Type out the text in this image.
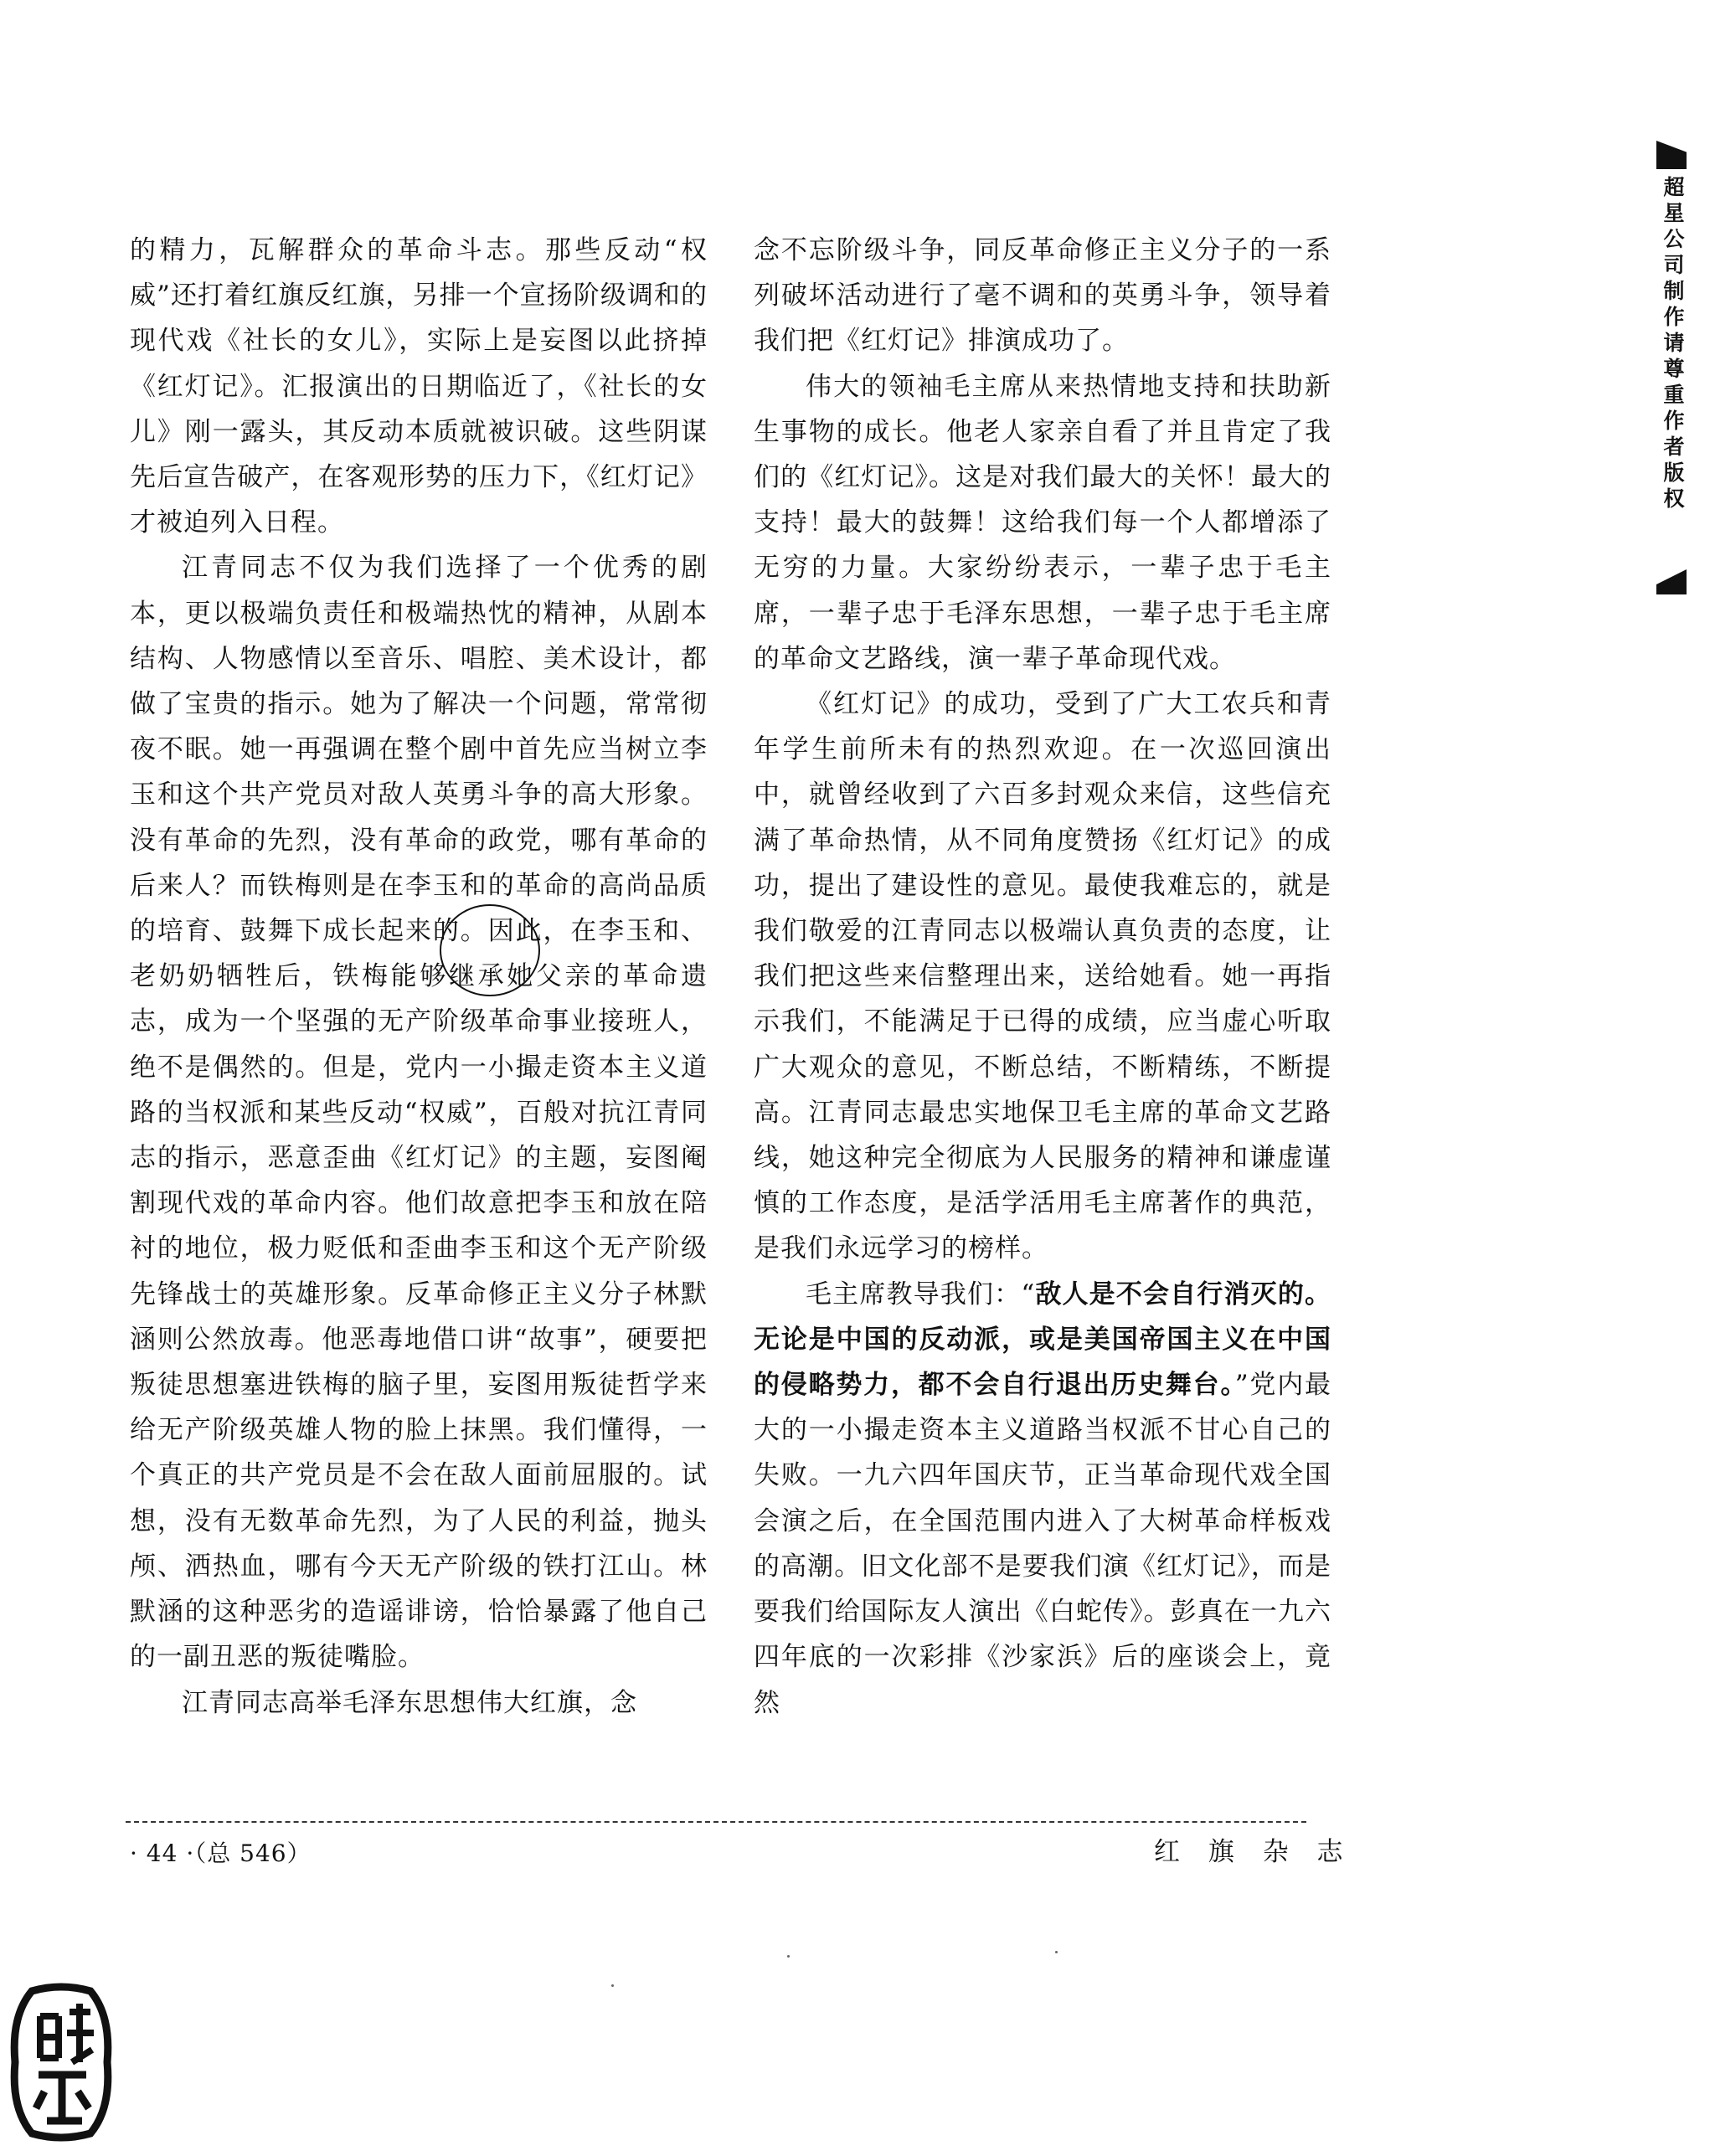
的精力，瓦解群众的革命斗志。那些反动“权威”还打着红旗反红旗，另排一个宣扬阶级调和的现代戏《社长的女儿》，实际上是妄图以此挤掉《红灯记》。汇报演出的日期临近了，《社长的女儿》刚一露头，其反动本质就被识破。这些阴谋先后宣告破产，在客观形势的压力下，《红灯记》才被迫列入日程。

江青同志不仅为我们选择了一个优秀的剧本，更以极端负责任和极端热忱的精神，从剧本结构、人物感情以至音乐、唱腔、美术设计，都做了宝贵的指示。她为了解决一个问题，常常彻夜不眠。她一再强调在整个剧中首先应当树立李玉和这个共产党员对敌人英勇斗争的高大形象。没有革命的先烈，没有革命的政党，哪有革命的后来人？而铁梅则是在李玉和的革命的高尚品质的培育、鼓舞下成长起来的。因此，在李玉和、老奶奶牺牲后，铁梅能够继承她父亲的革命遗志，成为一个坚强的无产阶级革命事业接班人，绝不是偶然的。但是，党内一小撮走资本主义道路的当权派和某些反动“权威”，百般对抗江青同志的指示，恶意歪曲《红灯记》的主题，妄图阉割现代戏的革命内容。他们故意把李玉和放在陪衬的地位，极力贬低和歪曲李玉和这个无产阶级先锋战士的英雄形象。反革命修正主义分子林默涵则公然放毒。他恶毒地借口讲“故事”，硬要把叛徒思想塞进铁梅的脑子里，妄图用叛徒哲学来给无产阶级英雄人物的脸上抹黑。我们懂得，一个真正的共产党员是不会在敌人面前屈服的。试想，没有无数革命先烈，为了人民的利益，抛头颅、洒热血，哪有今天无产阶级的铁打江山。林默涵的这种恶劣的造谣诽谤，恰恰暴露了他自己的一副丑恶的叛徒嘴脸。

江青同志高举毛泽东思想伟大红旗，念

念不忘阶级斗争，同反革命修正主义分子的一系列破坏活动进行了毫不调和的英勇斗争，领导着我们把《红灯记》排演成功了。

伟大的领袖毛主席从来热情地支持和扶助新生事物的成长。他老人家亲自看了并且肯定了我们的《红灯记》。这是对我们最大的关怀！最大的支持！最大的鼓舞！这给我们每一个人都增添了无穷的力量。大家纷纷表示，一辈子忠于毛主席，一辈子忠于毛泽东思想，一辈子忠于毛主席的革命文艺路线，演一辈子革命现代戏。

《红灯记》的成功，受到了广大工农兵和青年学生前所未有的热烈欢迎。在一次巡回演出中，就曾经收到了六百多封观众来信，这些信充满了革命热情，从不同角度赞扬《红灯记》的成功，提出了建设性的意见。最使我难忘的，就是我们敬爱的江青同志以极端认真负责的态度，让我们把这些来信整理出来，送给她看。她一再指示我们，不能满足于已得的成绩，应当虚心听取广大观众的意见，不断总结，不断精练，不断提高。江青同志最忠实地保卫毛主席的革命文艺路线，她这种完全彻底为人民服务的精神和谦虚谨慎的工作态度，是活学活用毛主席著作的典范，是我们永远学习的榜样。

毛主席教导我们：“敌人是不会自行消灭的。无论是中国的反动派，或是美国帝国主义在中国的侵略势力，都不会自行退出历史舞台。”党内最大的一小撮走资本主义道路当权派不甘心自己的失败。一九六四年国庆节，正当革命现代戏全国会演之后，在全国范围内进入了大树革命样板戏的高潮。旧文化部不是要我们演《红灯记》，而是要我们给国际友人演出《白蛇传》。彭真在一九六四年底的一次彩排《沙家浜》后的座谈会上，竟然

· 44 ·（总 546）	红 旗 杂 志
超星公司制作请尊重作者版权
